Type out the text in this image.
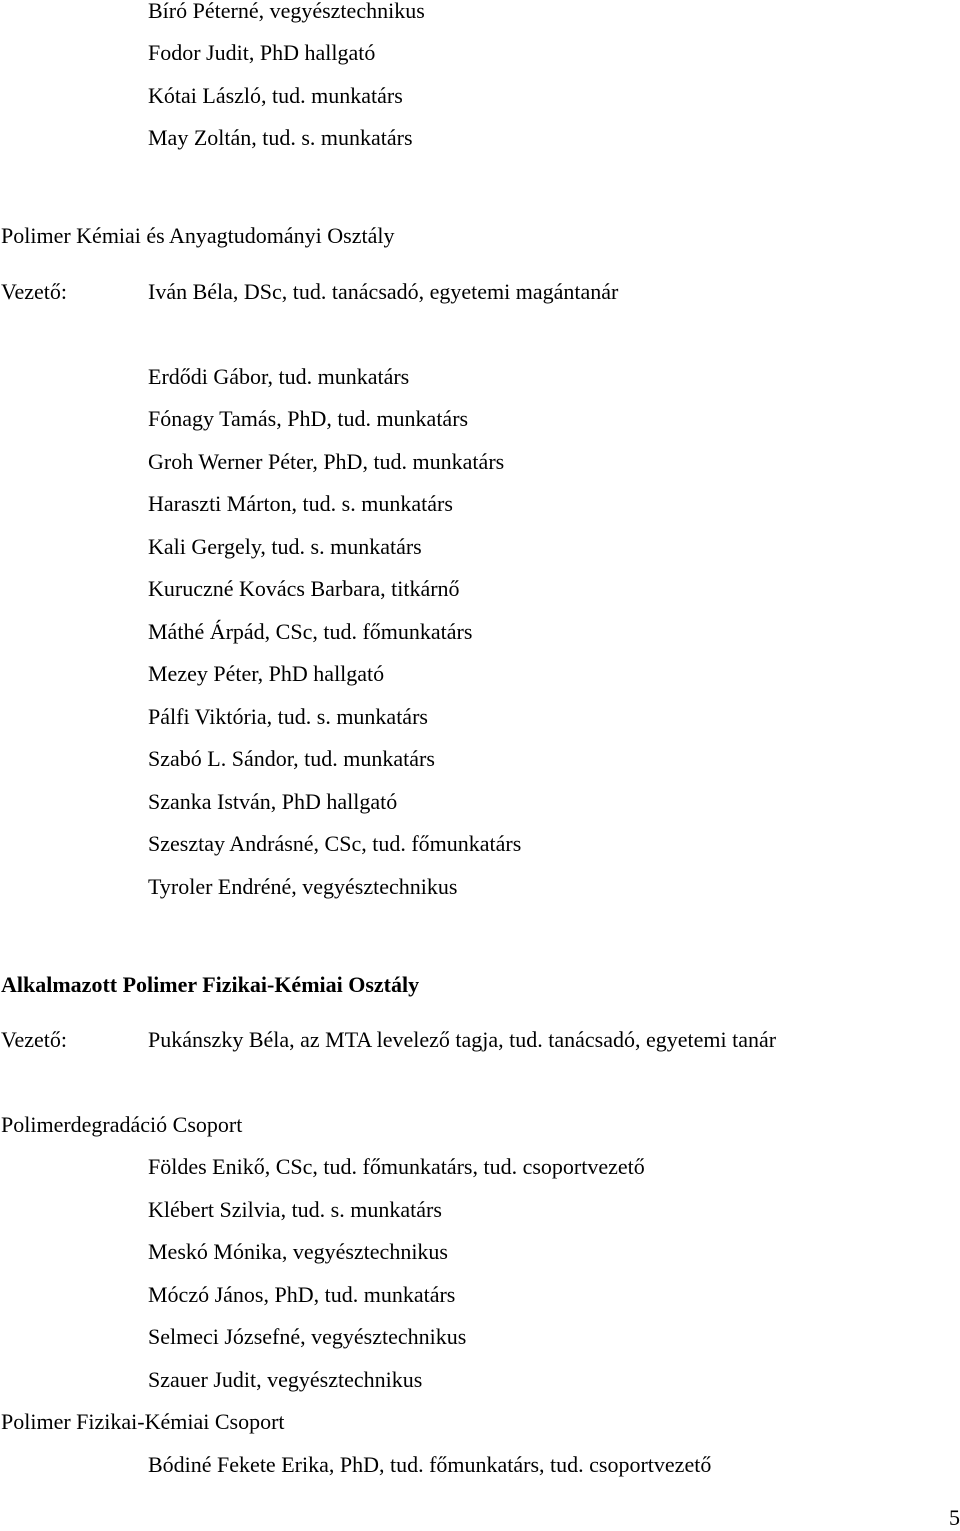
Bíró Péterné, vegyésztechnikus
Fodor Judit, PhD hallgató
Kótai László, tud. munkatárs
May Zoltán, tud. s. munkatárs
Polimer Kémiai és Anyagtudományi Osztály
Vezető:	Iván Béla, DSc, tud. tanácsadó, egyetemi magántanár
Erdődi Gábor, tud. munkatárs
Fónagy Tamás, PhD, tud. munkatárs
Groh Werner Péter, PhD, tud. munkatárs
Haraszti Márton, tud. s. munkatárs
Kali Gergely, tud. s. munkatárs
Kuruczné Kovács Barbara, titkárnő
Máthé Árpád, CSc, tud. főmunkatárs
Mezey Péter, PhD hallgató
Pálfi Viktória, tud. s. munkatárs
Szabó L. Sándor, tud. munkatárs
Szanka István, PhD hallgató
Szesztay Andrásné, CSc, tud. főmunkatárs
Tyroler Endréné, vegyésztechnikus
Alkalmazott Polimer Fizikai-Kémiai Osztály
Vezető:	Pukánszky Béla, az MTA levelező tagja, tud. tanácsadó, egyetemi tanár
Polimerdegradáció Csoport
Földes Enikő, CSc, tud. főmunkatárs, tud. csoportvezető
Klébert Szilvia, tud. s. munkatárs
Meskó Mónika, vegyésztechnikus
Móczó János, PhD, tud. munkatárs
Selmeci Józsefné, vegyésztechnikus
Szauer Judit, vegyésztechnikus
Polimer Fizikai-Kémiai Csoport
Bódiné Fekete Erika, PhD, tud. főmunkatárs, tud. csoportvezető
5
